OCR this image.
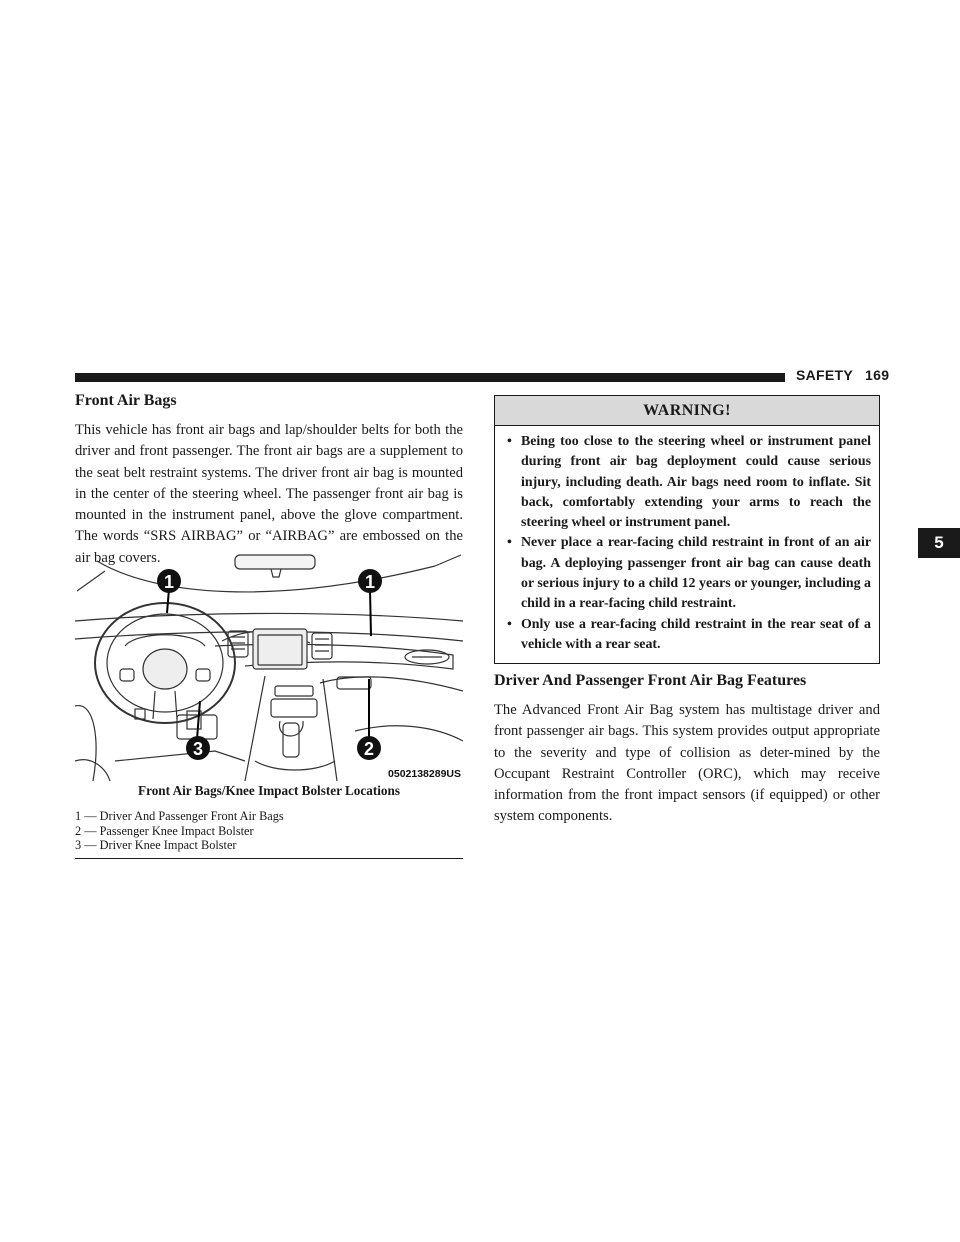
SAFETY 169
5
Front Air Bags

This vehicle has front air bags and lap/shoulder belts for both the driver and front passenger. The front air bags are a supplement to the seat belt restraint systems. The driver front air bag is mounted in the center of the steering wheel. The passenger front air bag is mounted in the instrument panel, above the glove compartment. The words “SRS AIRBAG” or “AIRBAG” are embossed on the air bag covers.

1	1
2
3
0502138289US
Front Air Bags/Knee Impact Bolster Locations
1 — Driver And Passenger Front Air Bags
2 — Passenger Knee Impact Bolster
3 — Driver Knee Impact Bolster
WARNING!
• Being too close to the steering wheel or instrument panel during front air bag deployment could cause serious injury, including death. Air bags need room to inflate. Sit back, comfortably extending your arms to reach the steering wheel or instrument panel.
• Never place a rear-facing child restraint in front of an air bag. A deploying passenger front air bag can cause death or serious injury to a child 12 years or younger, including a child in a rear-facing child restraint.
• Only use a rear-facing child restraint in the rear seat of a vehicle with a rear seat.
Driver And Passenger Front Air Bag Features

The Advanced Front Air Bag system has multistage driver and front passenger air bags. This system provides output appropriate to the severity and type of collision as deter-mined by the Occupant Restraint Controller (ORC), which may receive information from the front impact sensors (if equipped) or other system components.
